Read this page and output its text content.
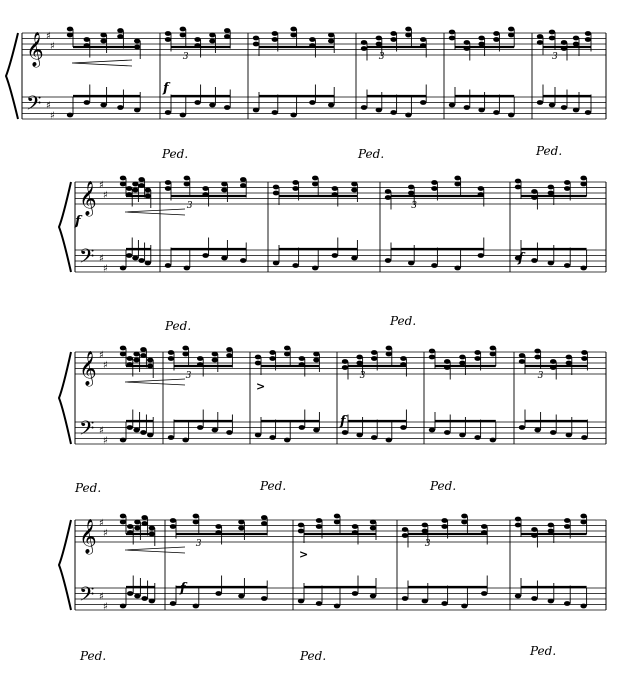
𝄞
𝄢
♯
♯
♯
♯
3	3	3
f
Ped.	Ped.	Ped.
𝄞
𝄢
♯
♯
♯
♯
3	3
f
f
Ped.	Ped.
𝄞
𝄢
♯
♯
♯
♯
3	3	3
f
Ped.	Ped.	Ped.
>
𝄞
𝄢
♯
♯
♯
♯
3	3
f
Ped.	Ped.	Ped.
>
